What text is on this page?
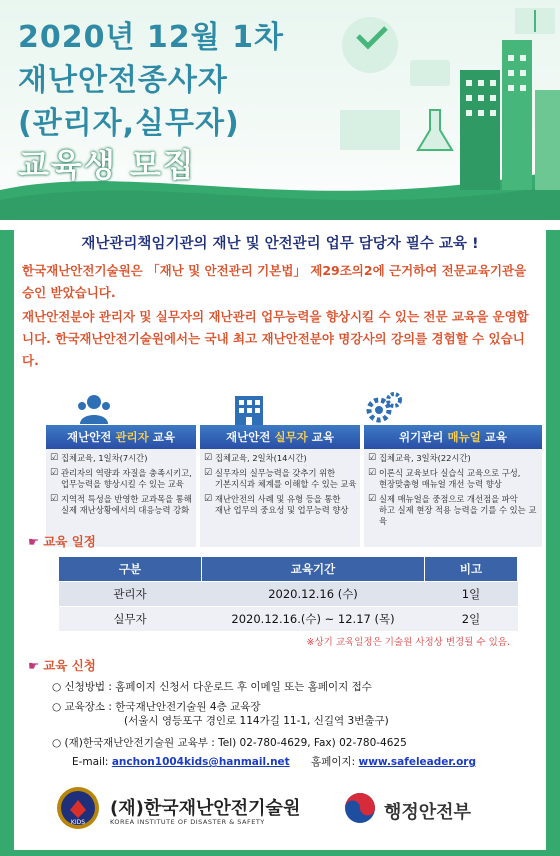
2020년 12월 1차
재난안전종사자
(관리자,실무자)
교육생 모집
재난관리책임기관의 재난 및 안전관리 업무 담당자 필수 교육 !
한국재난안전기술원은 「재난 및 안전관리 기본법」 제29조의2에 근거하여 전문교육기관을 승인 받았습니다.
재난안전분야 관리자 및 실무자의 재난관리 업무능력을 향상시킬 수 있는 전문 교육을 운영합니다. 한국재난안전기술원에서는 국내 최고 재난안전분야 명강사의 강의를 경험할 수 있습니다.
재난안전 관리자 교육
☑ 집체교육, 1일차(7시간)
☑ 관리자의 역량과 자질을 충족시키고,
업무능력을 향상시킬 수 있는 교육
☑ 지역적 특성을 반영한 교과목을 통해
실제 재난상황에서의 대응능력 강화
재난안전 실무자 교육
☑ 집체교육, 2일차(14시간)
☑ 실무자의 실무능력을 갖추기 위한
기본지식과 체계를 이해할 수 있는 교육
☑ 재난안전의 사례 및 유형 등을 통한
재난 업무의 중요성 및 업무능력 향상
위기관리 매뉴얼 교육
☑ 집체교육, 3일차(22시간)
☑ 이론식 교육보다 실습식 교육으로 구성,
현장맞춤형 매뉴얼 개선 능력 향상
☑ 실제 매뉴얼을 중점으로 개선점을 파악
하고 실제 현장 적용 능력을 기를 수 있는 교육
☛ 교육 일정
구분	교육기간	비고
관리자	2020.12.16 (수)	1일
실무자	2020.12.16.(수) ~ 12.17 (목)	2일
※상기 교육일정은 기술원 사정상 변경될 수 있음.
☛ 교육 신청
○ 신청방법 : 홈페이지 신청서 다운로드 후 이메일 또는 홈페이지 접수
○ 교육장소 : 한국재난안전기술원 4층 교육장
(서울시 영등포구 경인로 114가길 11-1, 신길역 3번출구)
○ (재)한국재난안전기술원 교육부 : Tel) 02-780-4629, Fax) 02-780-4625
E-mail: anchon1004kids@hanmail.net 홈페이지: www.safeleader.org
KIDS
(재)한국재난안전기술원
KOREA INSTITUTE OF DISASTER & SAFETY	행정안전부
